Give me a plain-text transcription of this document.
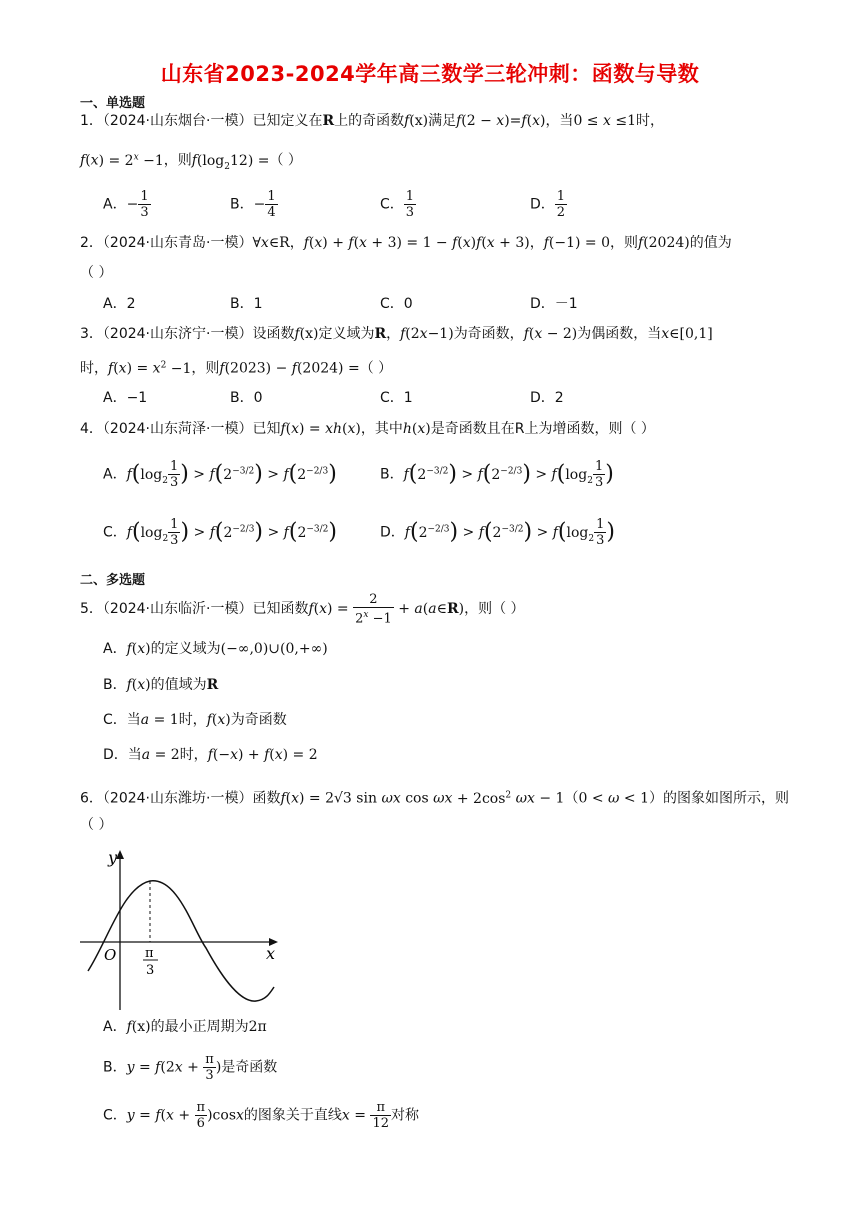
山东省2023-2024学年高三数学三轮冲刺：函数与导数
一、单选题
1．（2024·山东烟台·一模）已知定义在R上的奇函数f(x)满足f(2 − x)=f(x)，当0 ≤ x ≤1时，
$f(x) = 2^x -1$，则$f(\log_212)$ =（ ）
A．− $\frac{1}{3}$	B．− $\frac{1}{4}$	C． $\frac{1}{3}$	D． $\frac{1}{2}$
2．（2024·山东青岛·一模）∀x∈R，f(x) + f(x + 3) = 1 − f(x)f(x + 3)，f(−1) = 0，则f(2024)的值为
（ ）
A．2	B．1	C．0	D．－1
3．（2024·山东济宁·一模）设函数f(x)定义域为R，f(2x−1)为奇函数，f(x − 2)为偶函数，当x∈[0,1]
时，$f(x) = x^2 -1$，则f(2023) − f(2024) =（ ）
A．−1	B．0	C．1	D．2
4．（2024·山东菏泽·一模）已知f(x) = xh(x)，其中h(x)是奇函数且在R上为增函数，则（ ）
A．$f(\log_2 \frac{1}{3}$ ) > $f(2^{-3/2}) > f(2^{-2/3})$	B．$f(2^{-3/2}) > f(2^{-2/3}) > f(\log_2 \frac{1}{3}$ )
C．$f(\log_2 \frac{1}{3}$ ) > $f(2^{-2/3}) > f(2^{-3/2})$	D．$f(2^{-2/3}) > f(2^{-3/2}) > f(\log_2 \frac{1}{3}$ )
二、多选题
5．（2024·山东临沂·一模）已知函数$f(x) = \frac{2}{2^x -1}$ + a(a∈R)，则（ ）
A．f(x)的定义域为(−∞,0)∪(0,+∞)
B．f(x)的值域为R
C．当a = 1时，f(x)为奇函数
D．当a = 2时，f(−x) + f(x) = 2
6．（2024·山东潍坊·一模）函数f(x) = 2√3 sin ωx $\cos \omega x + 2\cos^2$ ωx − 1（0 < ω < 1）的图象如图所示，则
（ ）
y
x
O π
3
A．f(x)的最小正周期为2π
B．$y = f(2x + \frac{\pi}{3}$ )是奇函数
C．$y = f(x + \frac{\pi}{6} )\cos x$的图象关于直线$x = \frac{\pi}{12}$ 对称
